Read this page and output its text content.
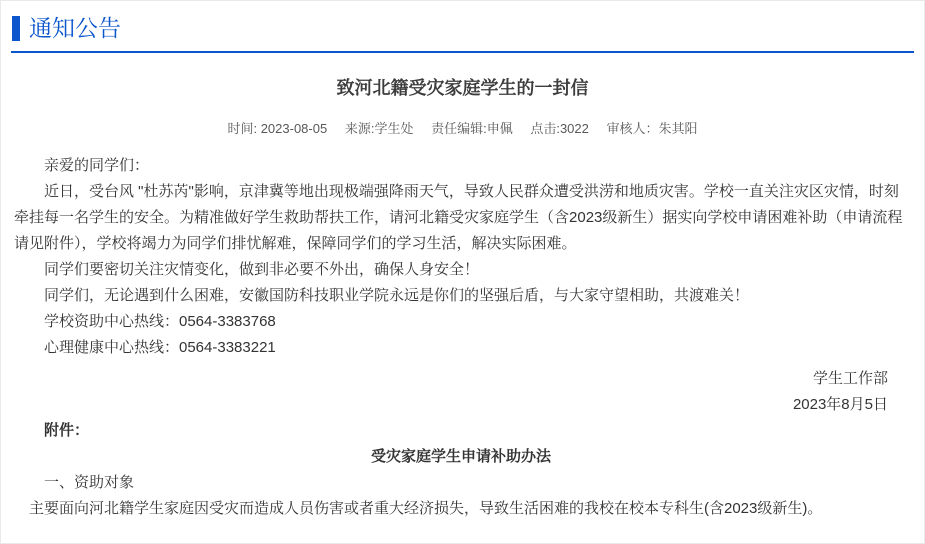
通知公告
致河北籍受灾家庭学生的一封信
时间: 2023-08-05 来源:学生处 责任编辑:申佩 点击:3022 审核人：朱其阳

亲爱的同学们：

近日，受台风 "杜苏芮"影响，京津冀等地出现极端强降雨天气，导致人民群众遭受洪涝和地质灾害。学校一直关注灾区灾情，时刻牵挂每一名学生的安全。为精准做好学生救助帮扶工作，请河北籍受灾家庭学生（含2023级新生）据实向学校申请困难补助（申请流程请见附件），学校将竭力为同学们排忧解难，保障同学们的学习生活，解决实际困难。

同学们要密切关注灾情变化，做到非必要不外出，确保人身安全！

同学们，无论遇到什么困难，安徽国防科技职业学院永远是你们的坚强后盾，与大家守望相助，共渡难关！

学校资助中心热线：0564-3383768

心理健康中心热线：0564-3383221

学生工作部

2023年8月5日

附件：

受灾家庭学生申请补助办法

一、资助对象

主要面向河北籍学生家庭因受灾而造成人员伤害或者重大经济损失，导致生活困难的我校在校本专科生(含2023级新生)。
